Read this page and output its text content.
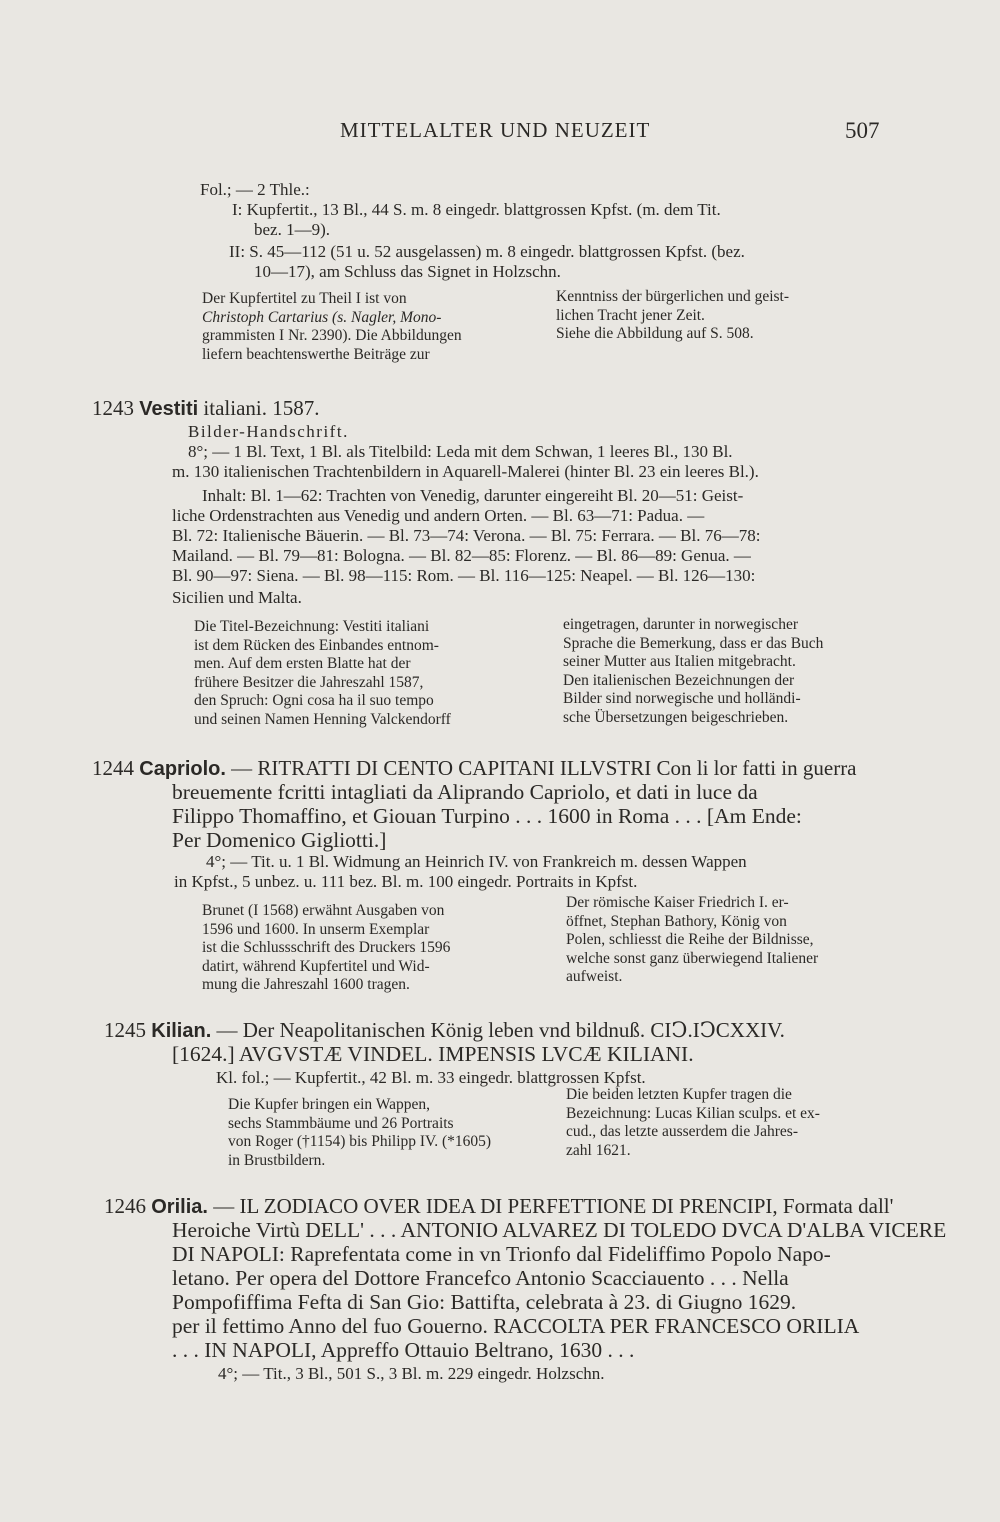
MITTELALTER UND NEUZEIT	507
Fol.; — 2 Thle.:
I: Kupfertit., 13 Bl., 44 S. m. 8 eingedr. blattgrossen Kpfst. (m. dem Tit.
bez. 1—9).
II: S. 45—112 (51 u. 52 ausgelassen) m. 8 eingedr. blattgrossen Kpfst. (bez.
10—17), am Schluss das Signet in Holzschn.
Der Kupfertitel zu Theil I ist von
Christoph Cartarius (s. Nagler, Mono-
grammisten I Nr. 2390). Die Abbildungen
liefern beachtenswerthe Beiträge zur
Kenntniss der bürgerlichen und geist-
lichen Tracht jener Zeit.
Siehe die Abbildung auf S. 508.
1243 Vestiti italiani. 1587.
Bilder-Handschrift.
8°; — 1 Bl. Text, 1 Bl. als Titelbild: Leda mit dem Schwan, 1 leeres Bl., 130 Bl.
m. 130 italienischen Trachtenbildern in Aquarell-Malerei (hinter Bl. 23 ein leeres Bl.).
Inhalt: Bl. 1—62: Trachten von Venedig, darunter eingereiht Bl. 20—51: Geist-
liche Ordenstrachten aus Venedig und andern Orten. — Bl. 63—71: Padua. —
Bl. 72: Italienische Bäuerin. — Bl. 73—74: Verona. — Bl. 75: Ferrara. — Bl. 76—78:
Mailand. — Bl. 79—81: Bologna. — Bl. 82—85: Florenz. — Bl. 86—89: Genua. —
Bl. 90—97: Siena. — Bl. 98—115: Rom. — Bl. 116—125: Neapel. — Bl. 126—130:
Sicilien und Malta.
Die Titel-Bezeichnung: Vestiti italiani
ist dem Rücken des Einbandes entnom-
men. Auf dem ersten Blatte hat der
frühere Besitzer die Jahreszahl 1587,
den Spruch: Ogni cosa ha il suo tempo
und seinen Namen Henning Valckendorff
eingetragen, darunter in norwegischer
Sprache die Bemerkung, dass er das Buch
seiner Mutter aus Italien mitgebracht.
Den italienischen Bezeichnungen der
Bilder sind norwegische und holländi-
sche Übersetzungen beigeschrieben.
1244 Capriolo. — RITRATTI DI CENTO CAPITANI ILLVSTRI Con li lor fatti in guerra
breuemente fcritti intagliati da Aliprando Capriolo, et dati in luce da
Filippo Thomaffino, et Giouan Turpino . . . 1600 in Roma . . . [Am Ende:
Per Domenico Gigliotti.]
4°; — Tit. u. 1 Bl. Widmung an Heinrich IV. von Frankreich m. dessen Wappen
in Kpfst., 5 unbez. u. 111 bez. Bl. m. 100 eingedr. Portraits in Kpfst.
Brunet (I 1568) erwähnt Ausgaben von
1596 und 1600. In unserm Exemplar
ist die Schlussschrift des Druckers 1596
datirt, während Kupfertitel und Wid-
mung die Jahreszahl 1600 tragen.
Der römische Kaiser Friedrich I. er-
öffnet, Stephan Bathory, König von
Polen, schliesst die Reihe der Bildnisse,
welche sonst ganz überwiegend Italiener
aufweist.
1245 Kilian. — Der Neapolitanischen König leben vnd bildnuß. CIↃ.IↃCXXIV.
[1624.] AVGVSTÆ VINDEL. IMPENSIS LVCÆ KILIANI.
Kl. fol.; — Kupfertit., 42 Bl. m. 33 eingedr. blattgrossen Kpfst.
Die Kupfer bringen ein Wappen,
sechs Stammbäume und 26 Portraits
von Roger (†1154) bis Philipp IV. (*1605)
in Brustbildern.
Die beiden letzten Kupfer tragen die
Bezeichnung: Lucas Kilian sculps. et ex-
cud., das letzte ausserdem die Jahres-
zahl 1621.
1246 Orilia. — IL ZODIACO OVER IDEA DI PERFETTIONE DI PRENCIPI, Formata dall'
Heroiche Virtù DELL' . . . ANTONIO ALVAREZ DI TOLEDO DVCA D'ALBA VICERE
DI NAPOLI: Raprefentata come in vn Trionfo dal Fideliffimo Popolo Napo-
letano. Per opera del Dottore Francefco Antonio Scacciauento . . . Nella
Pompofiffima Fefta di San Gio: Battifta, celebrata à 23. di Giugno 1629.
per il fettimo Anno del fuo Gouerno. RACCOLTA PER FRANCESCO ORILIA
. . . IN NAPOLI, Appreffo Ottauio Beltrano, 1630 . . .
4°; — Tit., 3 Bl., 501 S., 3 Bl. m. 229 eingedr. Holzschn.
